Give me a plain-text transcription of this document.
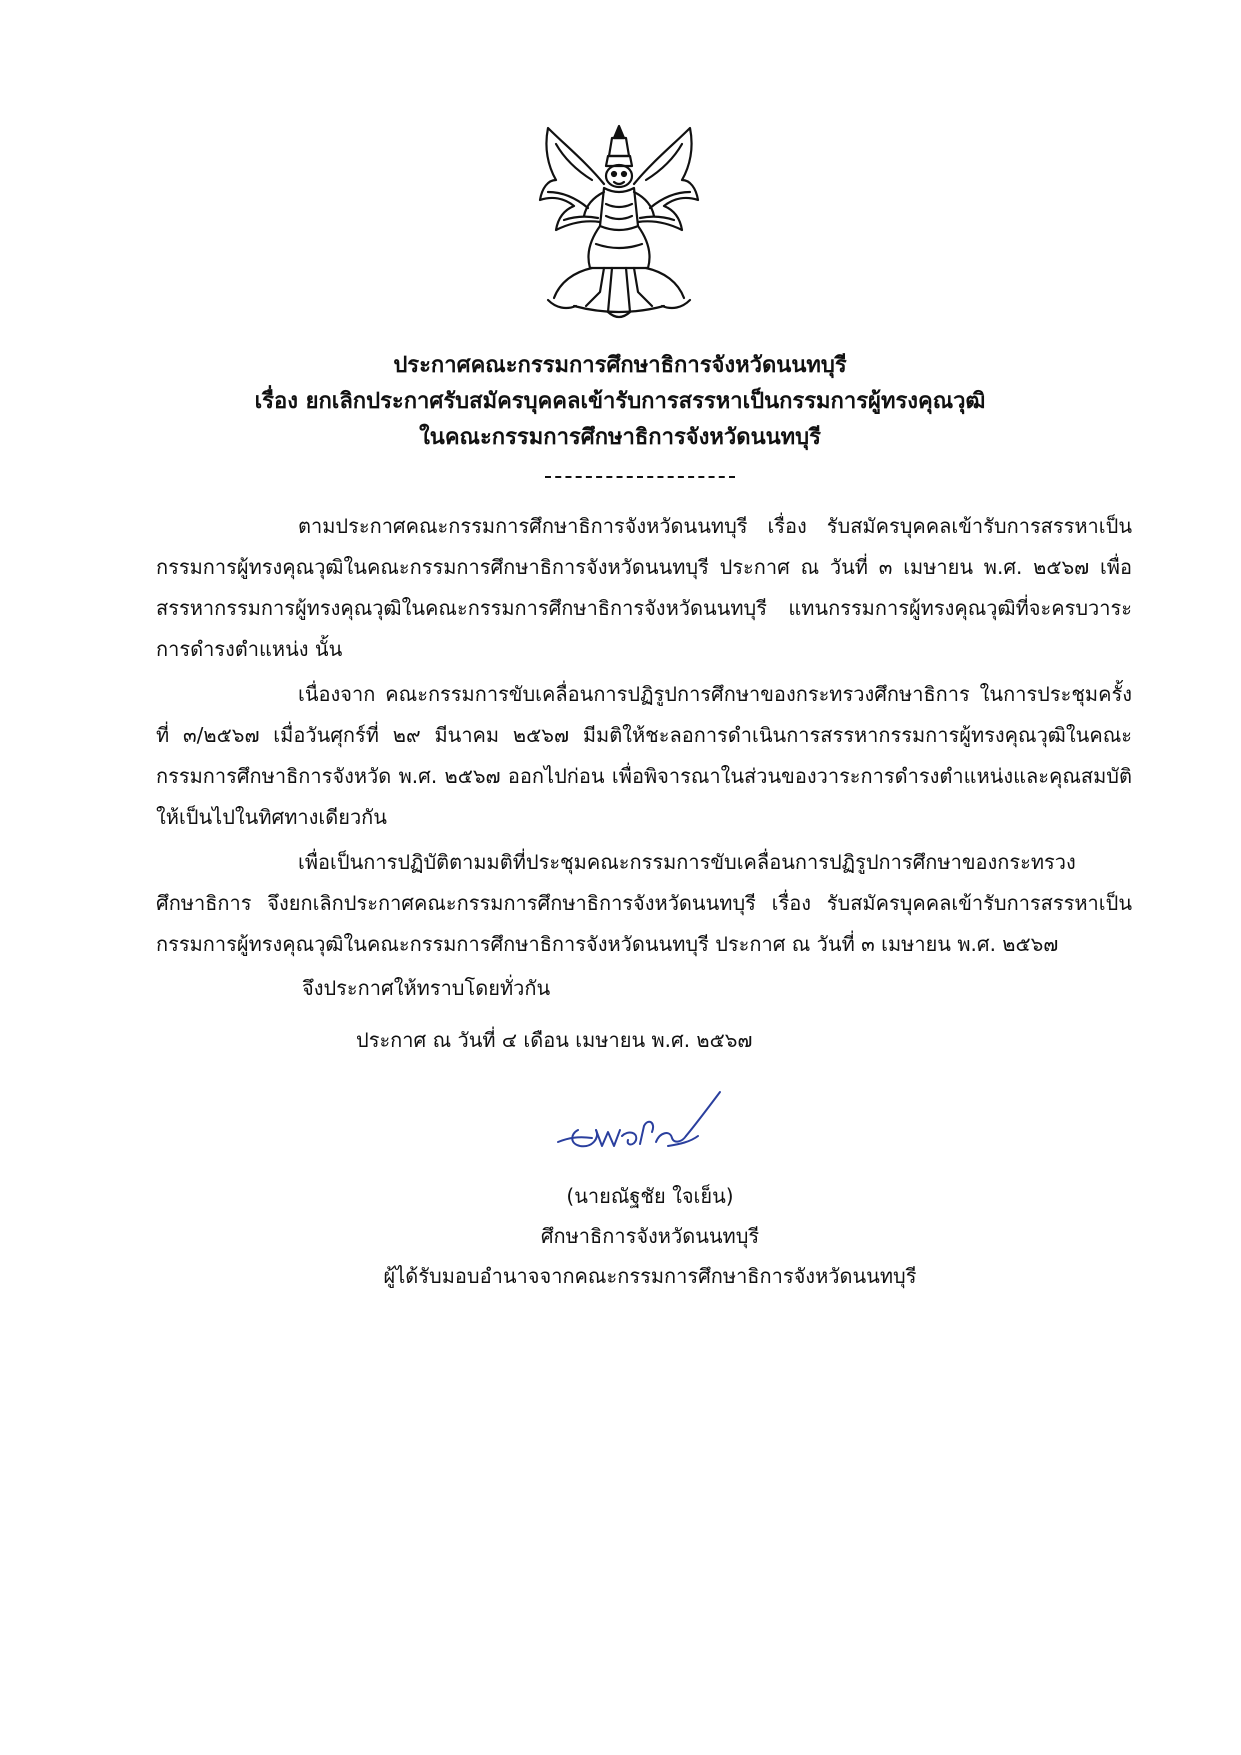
ประกาศคณะกรรมการศึกษาธิการจังหวัดนนทบุรี
เรื่อง ยกเลิกประกาศรับสมัครบุคคลเข้ารับการสรรหาเป็นกรรมการผู้ทรงคุณวุฒิ
ในคณะกรรมการศึกษาธิการจังหวัดนนทบุรี

ตามประกาศคณะกรรมการศึกษาธิการจังหวัดนนทบุรี เรื่อง รับสมัครบุคคลเข้ารับการสรรหาเป็นกรรมการผู้ทรงคุณวุฒิในคณะกรรมการศึกษาธิการจังหวัดนนทบุรี ประกาศ ณ วันที่ ๓ เมษายน พ.ศ. ๒๕๖๗ เพื่อสรรหากรรมการผู้ทรงคุณวุฒิในคณะกรรมการศึกษาธิการจังหวัดนนทบุรี แทนกรรมการผู้ทรงคุณวุฒิที่จะครบวาระการดำรงตำแหน่ง นั้น

เนื่องจาก คณะกรรมการขับเคลื่อนการปฏิรูปการศึกษาของกระทรวงศึกษาธิการ ในการประชุมครั้งที่ ๓/๒๕๖๗ เมื่อวันศุกร์ที่ ๒๙ มีนาคม ๒๕๖๗ มีมติให้ชะลอการดำเนินการสรรหากรรมการผู้ทรงคุณวุฒิในคณะกรรมการศึกษาธิการจังหวัด พ.ศ. ๒๕๖๗ ออกไปก่อน เพื่อพิจารณาในส่วนของวาระการดำรงตำแหน่งและคุณสมบัติให้เป็นไปในทิศทางเดียวกัน

เพื่อเป็นการปฏิบัติตามมติที่ประชุมคณะกรรมการขับเคลื่อนการปฏิรูปการศึกษาของกระทรวงศึกษาธิการ จึงยกเลิกประกาศคณะกรรมการศึกษาธิการจังหวัดนนทบุรี เรื่อง รับสมัครบุคคลเข้ารับการสรรหาเป็นกรรมการผู้ทรงคุณวุฒิในคณะกรรมการศึกษาธิการจังหวัดนนทบุรี ประกาศ ณ วันที่ ๓ เมษายน พ.ศ. ๒๕๖๗

จึงประกาศให้ทราบโดยทั่วกัน
ประกาศ ณ วันที่ ๔ เดือน เมษายน พ.ศ. ๒๕๖๗
(นายณัฐชัย ใจเย็น)
ศึกษาธิการจังหวัดนนทบุรี
ผู้ได้รับมอบอำนาจจากคณะกรรมการศึกษาธิการจังหวัดนนทบุรี
